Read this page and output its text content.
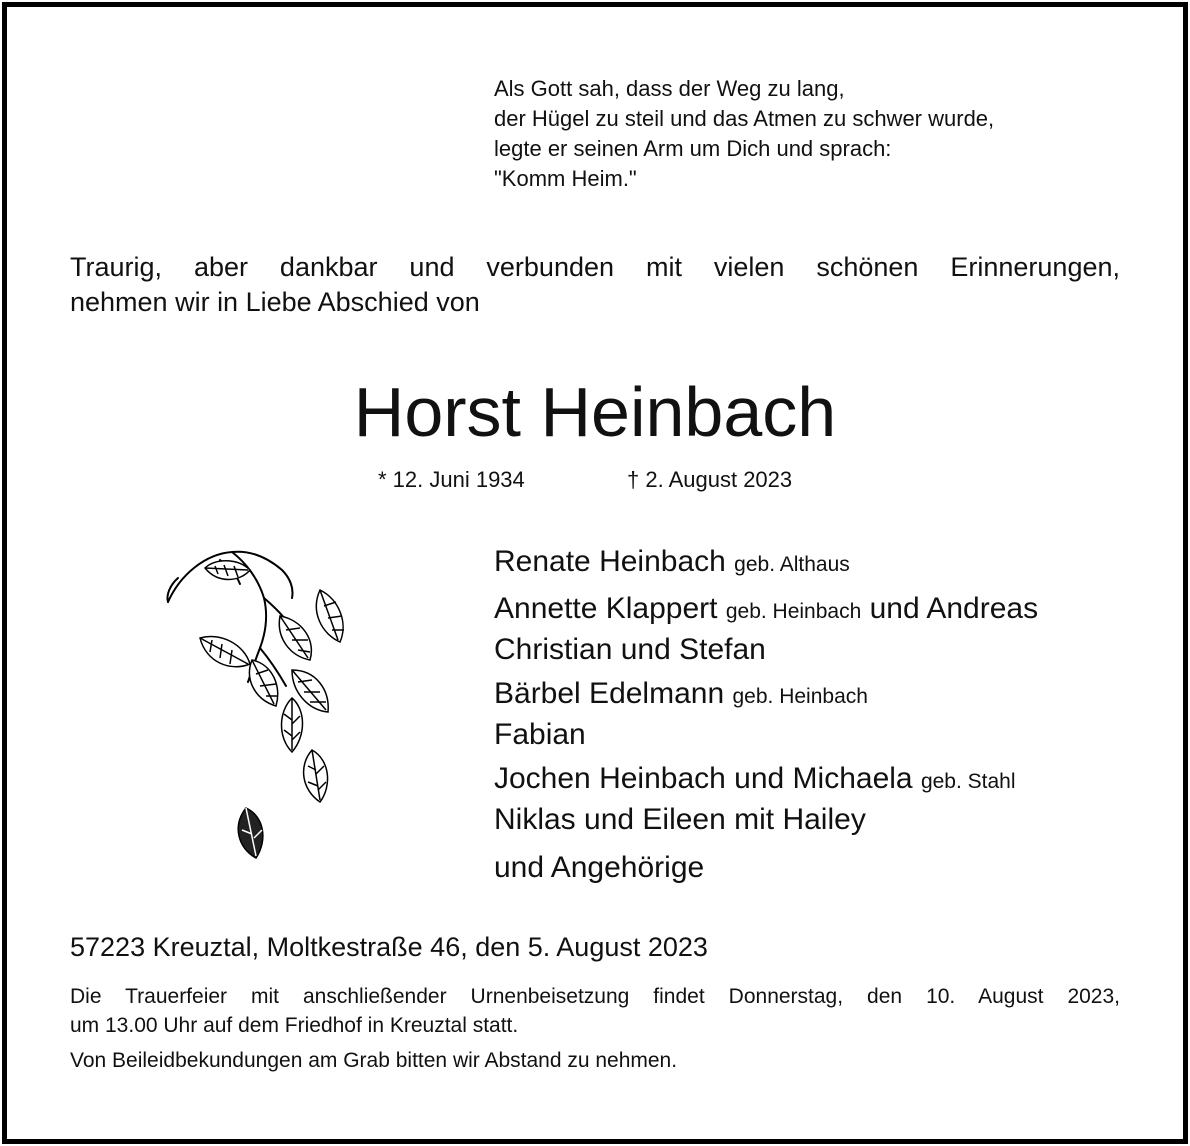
Als Gott sah, dass der Weg zu lang,
der Hügel zu steil und das Atmen zu schwer wurde,
legte er seinen Arm um Dich und sprach:
"Komm Heim."
Traurig, aber dankbar und verbunden mit vielen schönen Erinnerungen,
nehmen wir in Liebe Abschied von
Horst Heinbach
* 12. Juni 1934	† 2. August 2023
Renate Heinbach geb. Althaus
Annette Klappert geb. Heinbach und Andreas
Christian und Stefan
Bärbel Edelmann geb. Heinbach
Fabian
Jochen Heinbach und Michaela geb. Stahl
Niklas und Eileen mit Hailey
und Angehörige
57223 Kreuztal, Moltkestraße 46, den 5. August 2023
Die Trauerfeier mit anschließender Urnenbeisetzung findet Donnerstag, den 10. August 2023,
um 13.00 Uhr auf dem Friedhof in Kreuztal statt.
Von Beileidbekundungen am Grab bitten wir Abstand zu nehmen.
